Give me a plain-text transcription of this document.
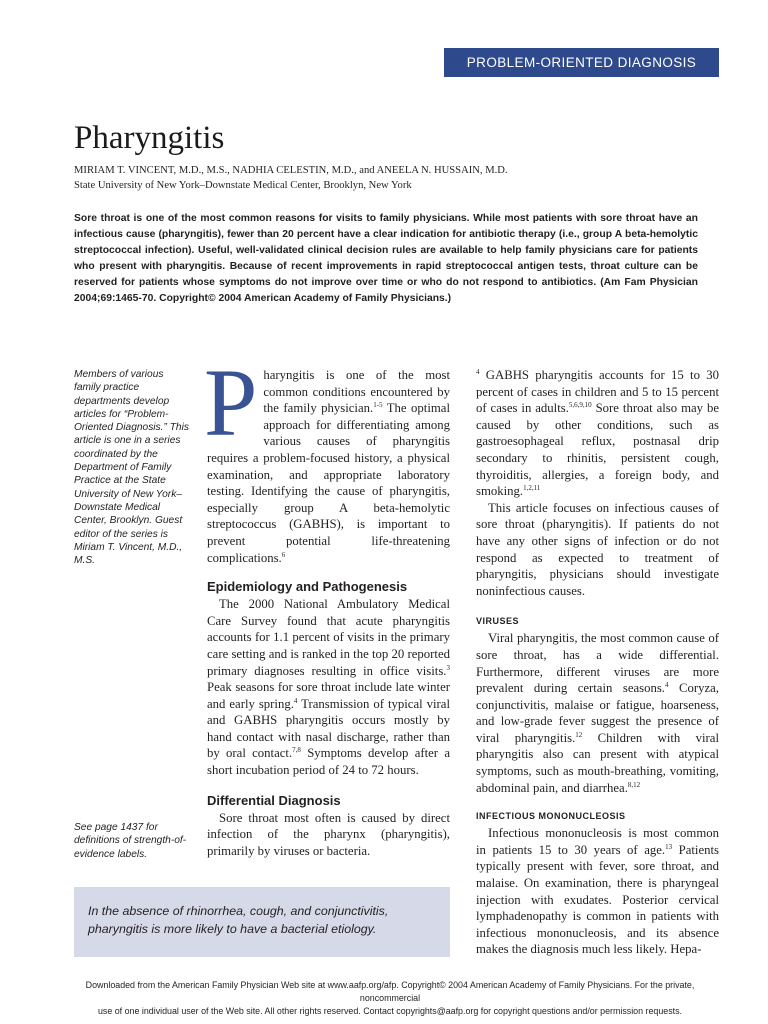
PROBLEM-ORIENTED DIAGNOSIS
Pharyngitis
MIRIAM T. VINCENT, M.D., M.S., NADHIA CELESTIN, M.D., and ANEELA N. HUSSAIN, M.D.
State University of New York–Downstate Medical Center, Brooklyn, New York
Sore throat is one of the most common reasons for visits to family physicians. While most patients with sore throat have an infectious cause (pharyngitis), fewer than 20 percent have a clear indication for antibiotic therapy (i.e., group A beta-hemolytic streptococcal infection). Useful, well-validated clinical decision rules are available to help family physicians care for patients who present with pharyngitis. Because of recent improvements in rapid streptococcal antigen tests, throat culture can be reserved for patients whose symptoms do not improve over time or who do not respond to antibiotics. (Am Fam Physician 2004;69:1465-70. Copyright© 2004 American Academy of Family Physicians.)
Members of various family practice departments develop articles for “Problem-Oriented Diagnosis.” This article is one in a series coordinated by the Department of Family Practice at the State University of New York–Downstate Medical Center, Brooklyn. Guest editor of the series is Miriam T. Vincent, M.D., M.S.
See page 1437 for definitions of strength-of-evidence labels.

Pharyngitis is one of the most common conditions encountered by the family physician.$^{1-5}$ The optimal approach for differentiating among various causes of pharyngitis requires a problem-focused history, a physical examination, and appropriate laboratory testing. Identifying the cause of pharyngitis, especially group A beta-hemolytic streptococcus (GABHS), is important to prevent potential life-threatening complications.$^6$

Epidemiology and Pathogenesis

The 2000 National Ambulatory Medical Care Survey found that acute pharyngitis accounts for 1.1 percent of visits in the primary care setting and is ranked in the top 20 reported primary diagnoses resulting in office visits.$^3$ Peak seasons for sore throat include late winter and early spring.$^4$ Transmission of typical viral and GABHS pharyngitis occurs mostly by hand contact with nasal discharge, rather than by oral contact.$^{7,8}$ Symptoms develop after a short incubation period of 24 to 72 hours.

Differential Diagnosis

Sore throat most often is caused by direct infection of the pharynx (pharyngitis), primarily by viruses or bacteria.

$^4$ GABHS pharyngitis accounts for 15 to 30 percent of cases in children and 5 to 15 percent of cases in adults.$^{5,6,9,10}$ Sore throat also may be caused by other conditions, such as gastroesophageal reflux, postnasal drip secondary to rhinitis, persistent cough, thyroiditis, allergies, a foreign body, and smoking.$^{1,2,11}$

This article focuses on infectious causes of sore throat (pharyngitis). If patients do not have any other signs of infection or do not respond as expected to treatment of pharyngitis, physicians should investigate noninfectious causes.

VIRUSES

Viral pharyngitis, the most common cause of sore throat, has a wide differential. Furthermore, different viruses are more prevalent during certain seasons.$^4$ Coryza, conjunctivitis, malaise or fatigue, hoarseness, and low-grade fever suggest the presence of viral pharyngitis.$^{12}$ Children with viral pharyngitis also can present with atypical symptoms, such as mouth-breathing, vomiting, abdominal pain, and diarrhea.$^{8,12}$

INFECTIOUS MONONUCLEOSIS

Infectious mononucleosis is most common in patients 15 to 30 years of age.$^{13}$ Patients typically present with fever, sore throat, and malaise. On examination, there is pharyngeal injection with exudates. Posterior cervical lymphadenopathy is common in patients with infectious mononucleosis, and its absence makes the diagnosis much less likely. Hepa-

In the absence of rhinorrhea, cough, and conjunctivitis, pharyngitis is more likely to have a bacterial etiology.
Downloaded from the American Family Physician Web site at www.aafp.org/afp. Copyright© 2004 American Academy of Family Physicians. For the private, noncommercial
use of one individual user of the Web site. All other rights reserved. Contact copyrights@aafp.org for copyright questions and/or permission requests.
